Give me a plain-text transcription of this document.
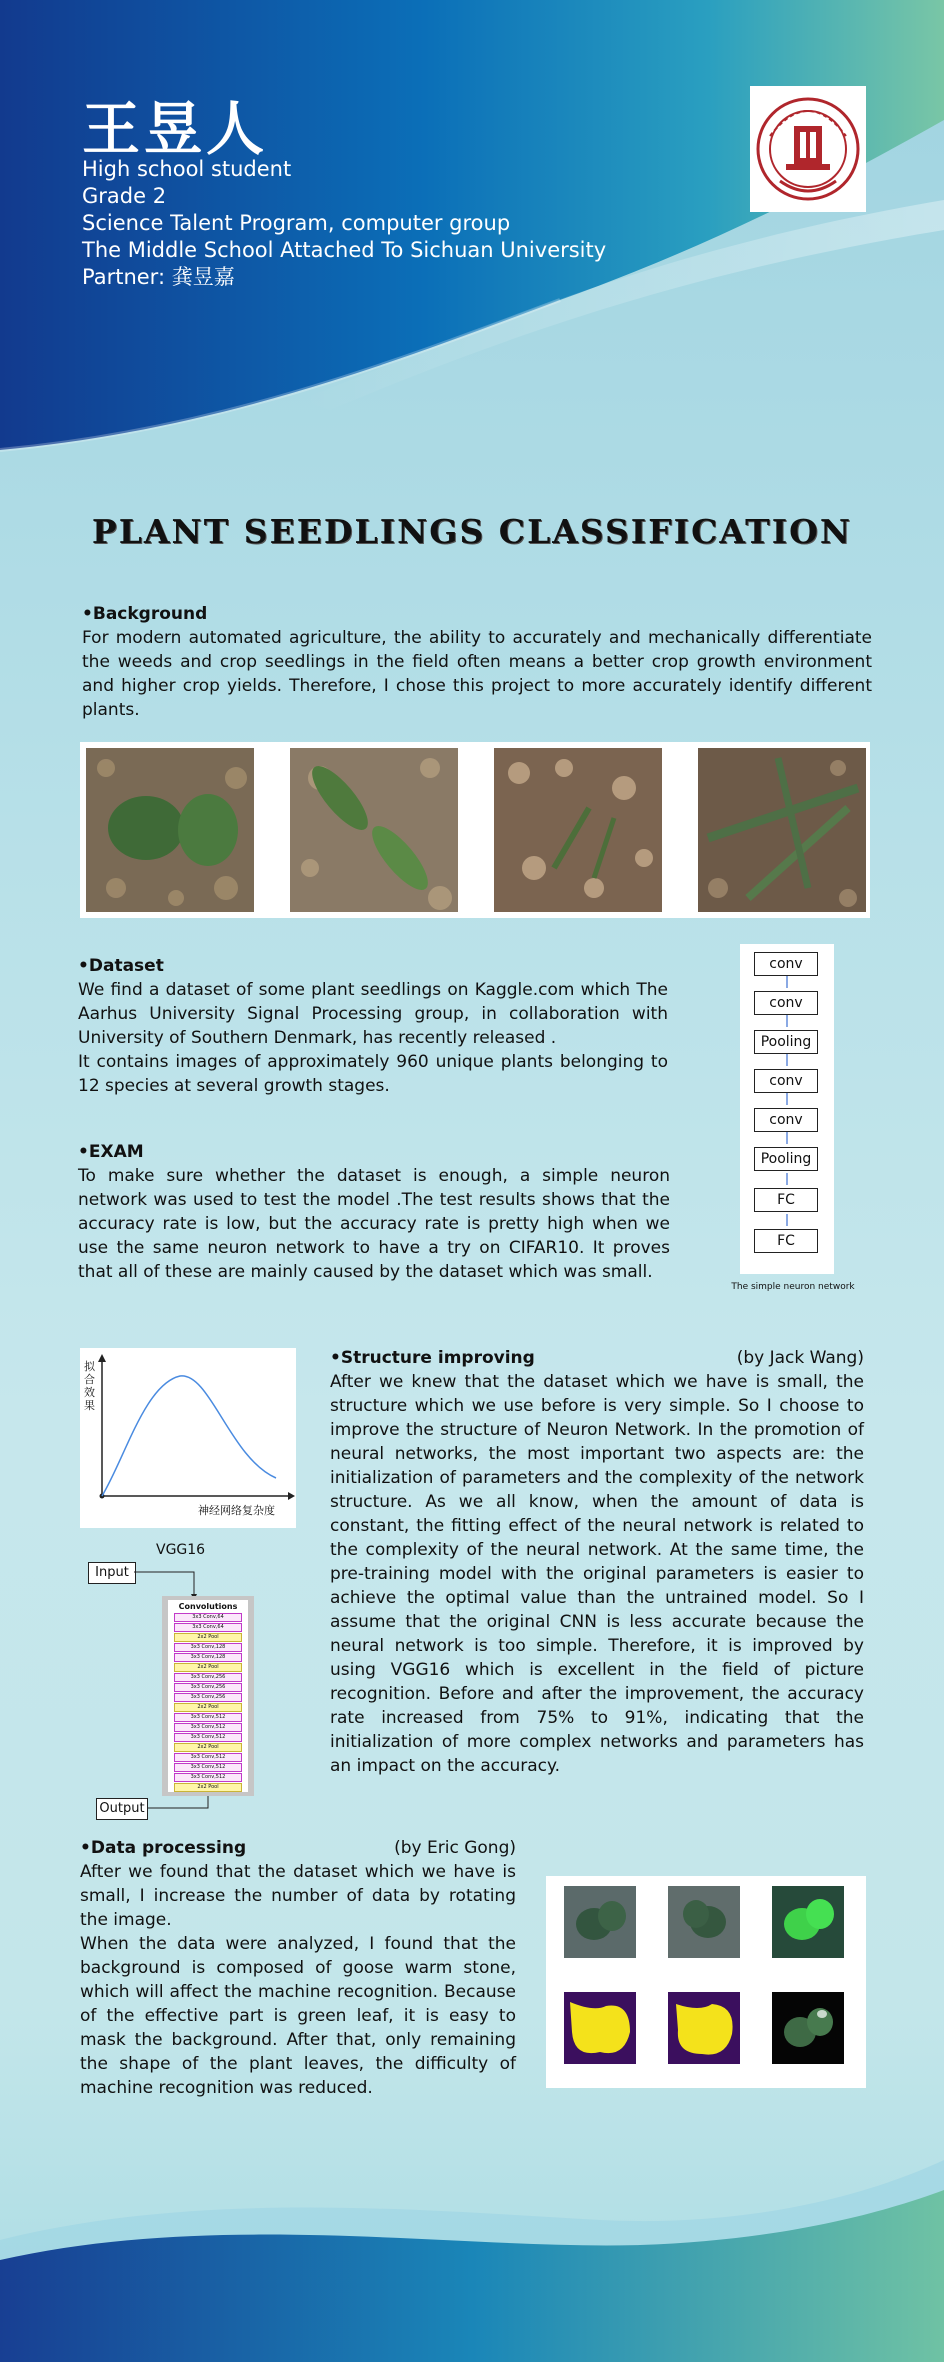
王昱人
High school student
Grade 2
Science Talent Program, computer group
The Middle School Attached To Sichuan University
Partner: 龚昱嘉
PLANT SEEDLINGS CLASSIFICATION
•Background
For modern automated agriculture, the ability to accurately and mechanically differentiate the weeds and crop seedlings in the field often means a better crop growth environment and higher crop yields. Therefore, I chose this project to more accurately identify different plants.
•Dataset
We find a dataset of some plant seedlings on Kaggle.com which The Aarhus University Signal Processing group, in collaboration with University of Southern Denmark, has recently released .
It contains images of approximately 960 unique plants belonging to 12 species at several growth stages.
•EXAM
To make sure whether the dataset is enough, a simple neuron network was used to test the model .The test results shows that the accuracy rate is low, but the accuracy rate is pretty high when we use the same neuron network to have a try on CIFAR10. It proves that all of these are mainly caused by the dataset which was small.
conv
conv
Pooling
conv
conv
Pooling
FC
FC
The simple neuron network
拟合效果
神经网络复杂度
VGG16
Input
Convolutions
3x3 Conv,64
3x3 Conv,64
2x2 Pool
3x3 Conv,128
3x3 Conv,128
2x2 Pool
3x3 Conv,256
3x3 Conv,256
3x3 Conv,256
2x2 Pool
3x3 Conv,512
3x3 Conv,512
3x3 Conv,512
2x2 Pool
3x3 Conv,512
3x3 Conv,512
3x3 Conv,512
2x2 Pool
Output
•Structure improving	(by Jack Wang)
After we knew that the dataset which we have is small, the structure which we use before is very simple. So I choose to improve the structure of Neuron Network. In the promotion of neural networks, the most important two aspects are: the initialization of parameters and the complexity of the network structure. As we all know, when the amount of data is constant, the fitting effect of the neural network is related to the complexity of the neural network. At the same time, the pre-training model with the original parameters is easier to achieve the optimal value than the untrained model. So I assume that the original CNN is less accurate because the neural network is too simple. Therefore, it is improved by using VGG16 which is excellent in the field of picture recognition. Before and after the improvement, the accuracy rate increased from 75% to 91%, indicating that the initialization of more complex networks and parameters has an impact on the accuracy.
•Data processing	(by Eric Gong)
After we found that the dataset which we have is small, I increase the number of data by rotating the image.
When the data were analyzed, I found that the background is composed of goose warm stone, which will affect the machine recognition. Because of the effective part is green leaf, it is easy to mask the background. After that, only remaining the shape of the plant leaves, the difficulty of machine recognition was reduced.
